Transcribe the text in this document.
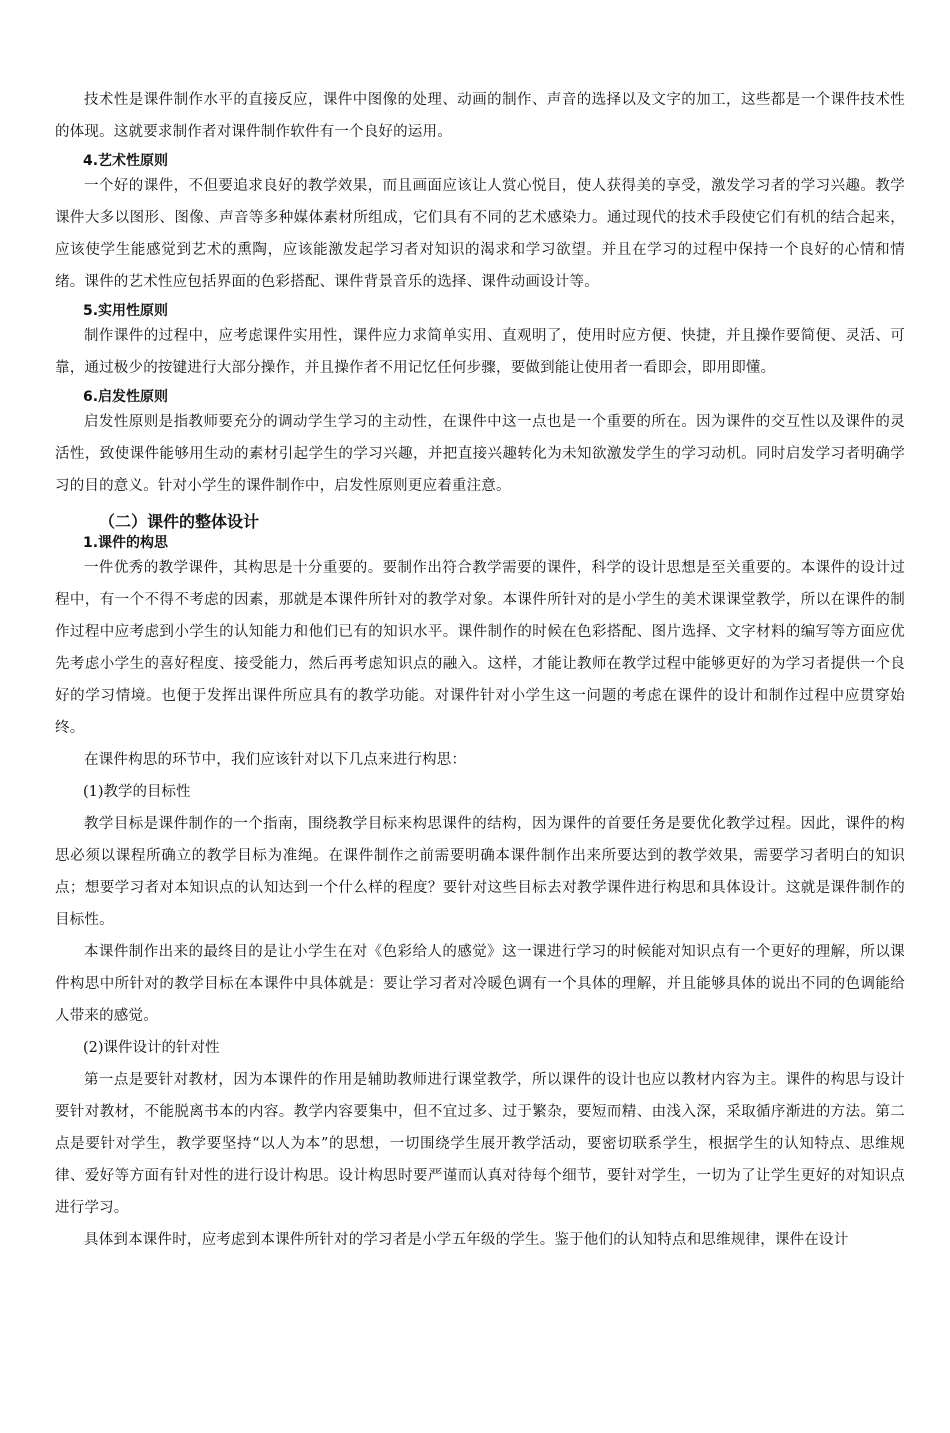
技术性是课件制作水平的直接反应，课件中图像的处理、动画的制作、声音的选择以及文字的加工，这些都是一个课件技术性的体现。这就要求制作者对课件制作软件有一个良好的运用。

4.艺术性原则

一个好的课件，不但要追求良好的教学效果，而且画面应该让人赏心悦目，使人获得美的享受，激发学习者的学习兴趣。教学课件大多以图形、图像、声音等多种媒体素材所组成，它们具有不同的艺术感染力。通过现代的技术手段使它们有机的结合起来，应该使学生能感觉到艺术的熏陶，应该能激发起学习者对知识的渴求和学习欲望。并且在学习的过程中保持一个良好的心情和情绪。课件的艺术性应包括界面的色彩搭配、课件背景音乐的选择、课件动画设计等。

5.实用性原则

制作课件的过程中，应考虑课件实用性，课件应力求简单实用、直观明了，使用时应方便、快捷，并且操作要简便、灵活、可靠，通过极少的按键进行大部分操作，并且操作者不用记忆任何步骤，要做到能让使用者一看即会，即用即懂。

6.启发性原则

启发性原则是指教师要充分的调动学生学习的主动性，在课件中这一点也是一个重要的所在。因为课件的交互性以及课件的灵活性，致使课件能够用生动的素材引起学生的学习兴趣，并把直接兴趣转化为未知欲激发学生的学习动机。同时启发学习者明确学习的目的意义。针对小学生的课件制作中，启发性原则更应着重注意。

（二）课件的整体设计
1.课件的构思

一件优秀的教学课件，其构思是十分重要的。要制作出符合教学需要的课件，科学的设计思想是至关重要的。本课件的设计过程中，有一个不得不考虑的因素，那就是本课件所针对的教学对象。本课件所针对的是小学生的美术课课堂教学，所以在课件的制作过程中应考虑到小学生的认知能力和他们已有的知识水平。课件制作的时候在色彩搭配、图片选择、文字材料的编写等方面应优先考虑小学生的喜好程度、接受能力，然后再考虑知识点的融入。这样，才能让教师在教学过程中能够更好的为学习者提供一个良好的学习情境。也便于发挥出课件所应具有的教学功能。对课件针对小学生这一问题的考虑在课件的设计和制作过程中应贯穿始终。

在课件构思的环节中，我们应该针对以下几点来进行构思：

(1)教学的目标性

教学目标是课件制作的一个指南，围绕教学目标来构思课件的结构，因为课件的首要任务是要优化教学过程。因此，课件的构思必须以课程所确立的教学目标为准绳。在课件制作之前需要明确本课件制作出来所要达到的教学效果，需要学习者明白的知识点；想要学习者对本知识点的认知达到一个什么样的程度？要针对这些目标去对教学课件进行构思和具体设计。这就是课件制作的目标性。

本课件制作出来的最终目的是让小学生在对《色彩给人的感觉》这一课进行学习的时候能对知识点有一个更好的理解，所以课件构思中所针对的教学目标在本课件中具体就是：要让学习者对冷暖色调有一个具体的理解，并且能够具体的说出不同的色调能给人带来的感觉。

(2)课件设计的针对性

第一点是要针对教材，因为本课件的作用是辅助教师进行课堂教学，所以课件的设计也应以教材内容为主。课件的构思与设计要针对教材，不能脱离书本的内容。教学内容要集中，但不宜过多、过于繁杂，要短而精、由浅入深，采取循序渐进的方法。第二点是要针对学生，教学要坚持“以人为本”的思想，一切围绕学生展开教学活动，要密切联系学生，根据学生的认知特点、思维规律、爱好等方面有针对性的进行设计构思。设计构思时要严谨而认真对待每个细节，要针对学生，一切为了让学生更好的对知识点进行学习。

具体到本课件时，应考虑到本课件所针对的学习者是小学五年级的学生。鉴于他们的认知特点和思维规律，课件在设计
